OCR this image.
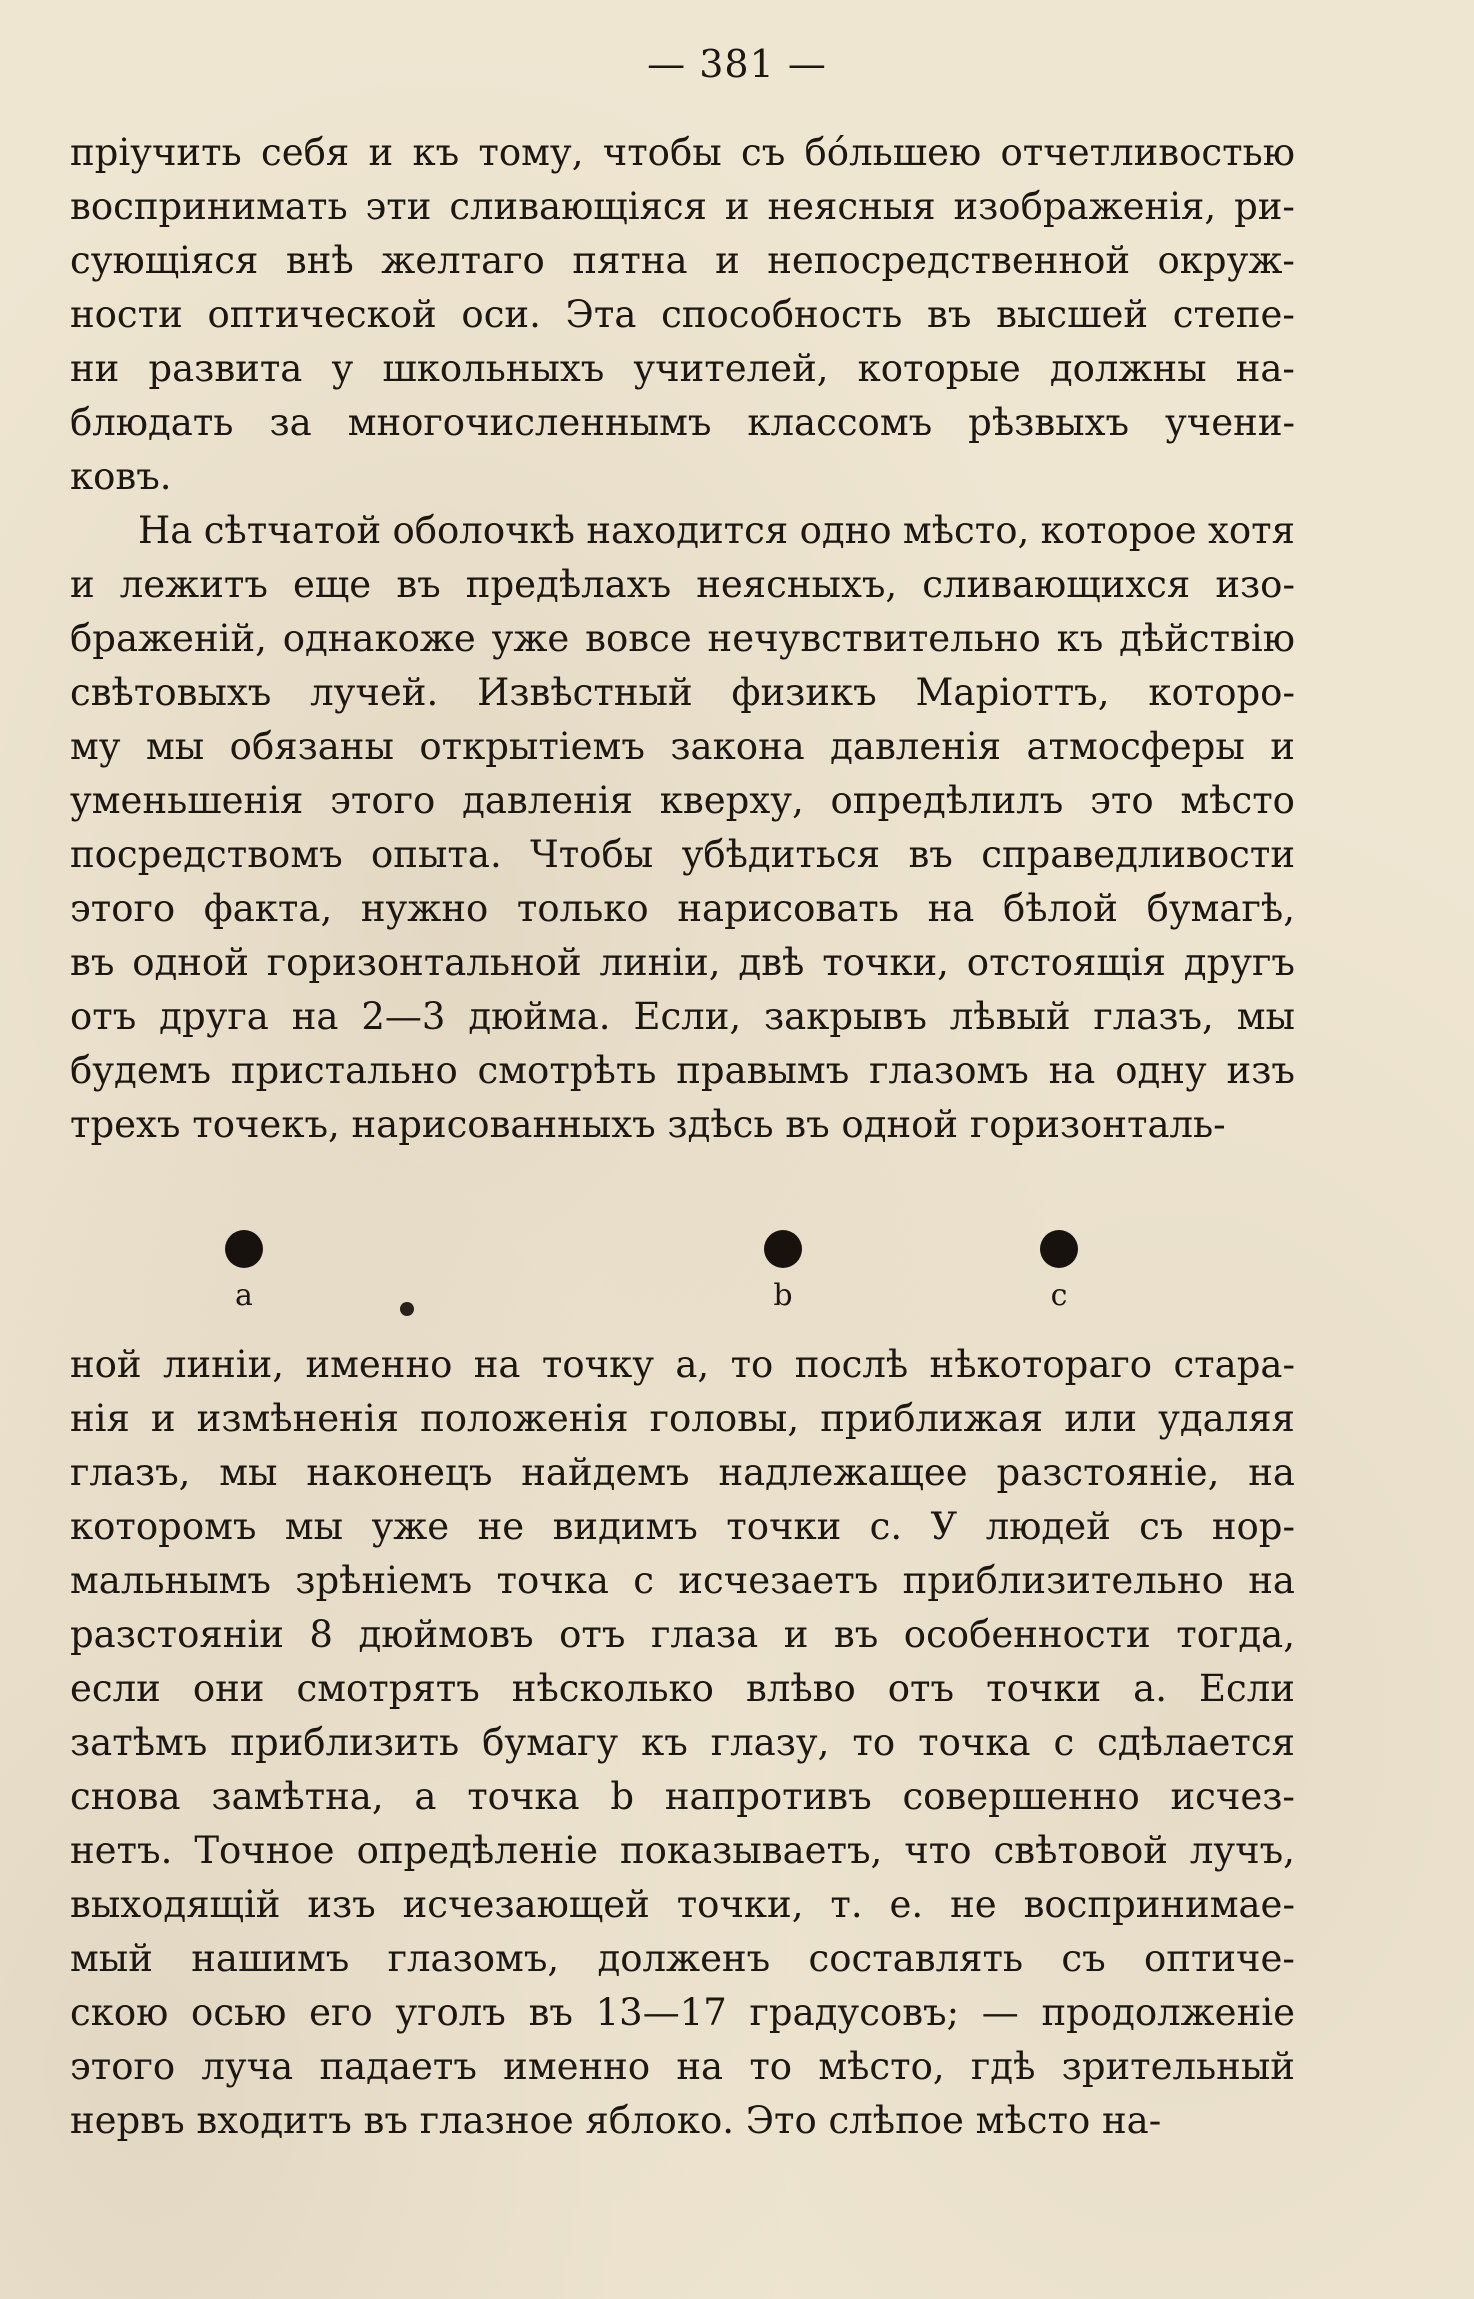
— 381 —
прiучить себя и къ тому, чтобы съ бо́льшею отчетливостью
воспринимать эти сливающiяся и неясныя изображенiя, ри-
сующiяся внѣ желтаго пятна и непосредственной окруж-
ности оптической оси. Эта способность въ высшей степе-
ни развита у школьныхъ учителей, которые должны на-
блюдать за многочисленнымъ классомъ рѣзвыхъ учени-
ковъ.
На сѣтчатой оболочкѣ находится одно мѣсто, которое хотя
и лежитъ еще въ предѣлахъ неясныхъ, сливающихся изо-
браженiй, однакоже уже вовсе нечувствительно къ дѣйствiю
свѣтовыхъ лучей. Извѣстный физикъ Марiоттъ, которо-
му мы обязаны открытiемъ закона давленiя атмосферы и
уменьшенiя этого давленiя кверху, опредѣлилъ это мѣсто
посредствомъ опыта. Чтобы убѣдиться въ справедливости
этого факта, нужно только нарисовать на бѣлой бумагѣ,
въ одной горизонтальной линiи, двѣ точки, отстоящiя другъ
отъ друга на 2—3 дюйма. Если, закрывъ лѣвый глазъ, мы
будемъ пристально смотрѣть правымъ глазомъ на одну изъ
трехъ точекъ, нарисованныхъ здѣсь въ одной горизонталь-
a	b	c
ной линiи, именно на точку а, то послѣ нѣкотораго стара-
нiя и измѣненiя положенiя головы, приближая или удаляя
глазъ, мы наконецъ найдемъ надлежащее разстоянiе, на
которомъ мы уже не видимъ точки с. У людей съ нор-
мальнымъ зрѣнiемъ точка с исчезаетъ приблизительно на
разстоянiи 8 дюймовъ отъ глаза и въ особенности тогда,
если они смотрятъ нѣсколько влѣво отъ точки а. Если
затѣмъ приблизить бумагу къ глазу, то точка с сдѣлается
снова замѣтна, а точка b напротивъ совершенно исчез-
нетъ. Точное опредѣленiе показываетъ, что свѣтовой лучъ,
выходящiй изъ исчезающей точки, т. е. не воспринимае-
мый нашимъ глазомъ, долженъ составлять съ оптиче-
скою осью его уголъ въ 13—17 градусовъ; — продолженiе
этого луча падаетъ именно на то мѣсто, гдѣ зрительный
нервъ входитъ въ глазное яблоко. Это слѣпое мѣсто на-
